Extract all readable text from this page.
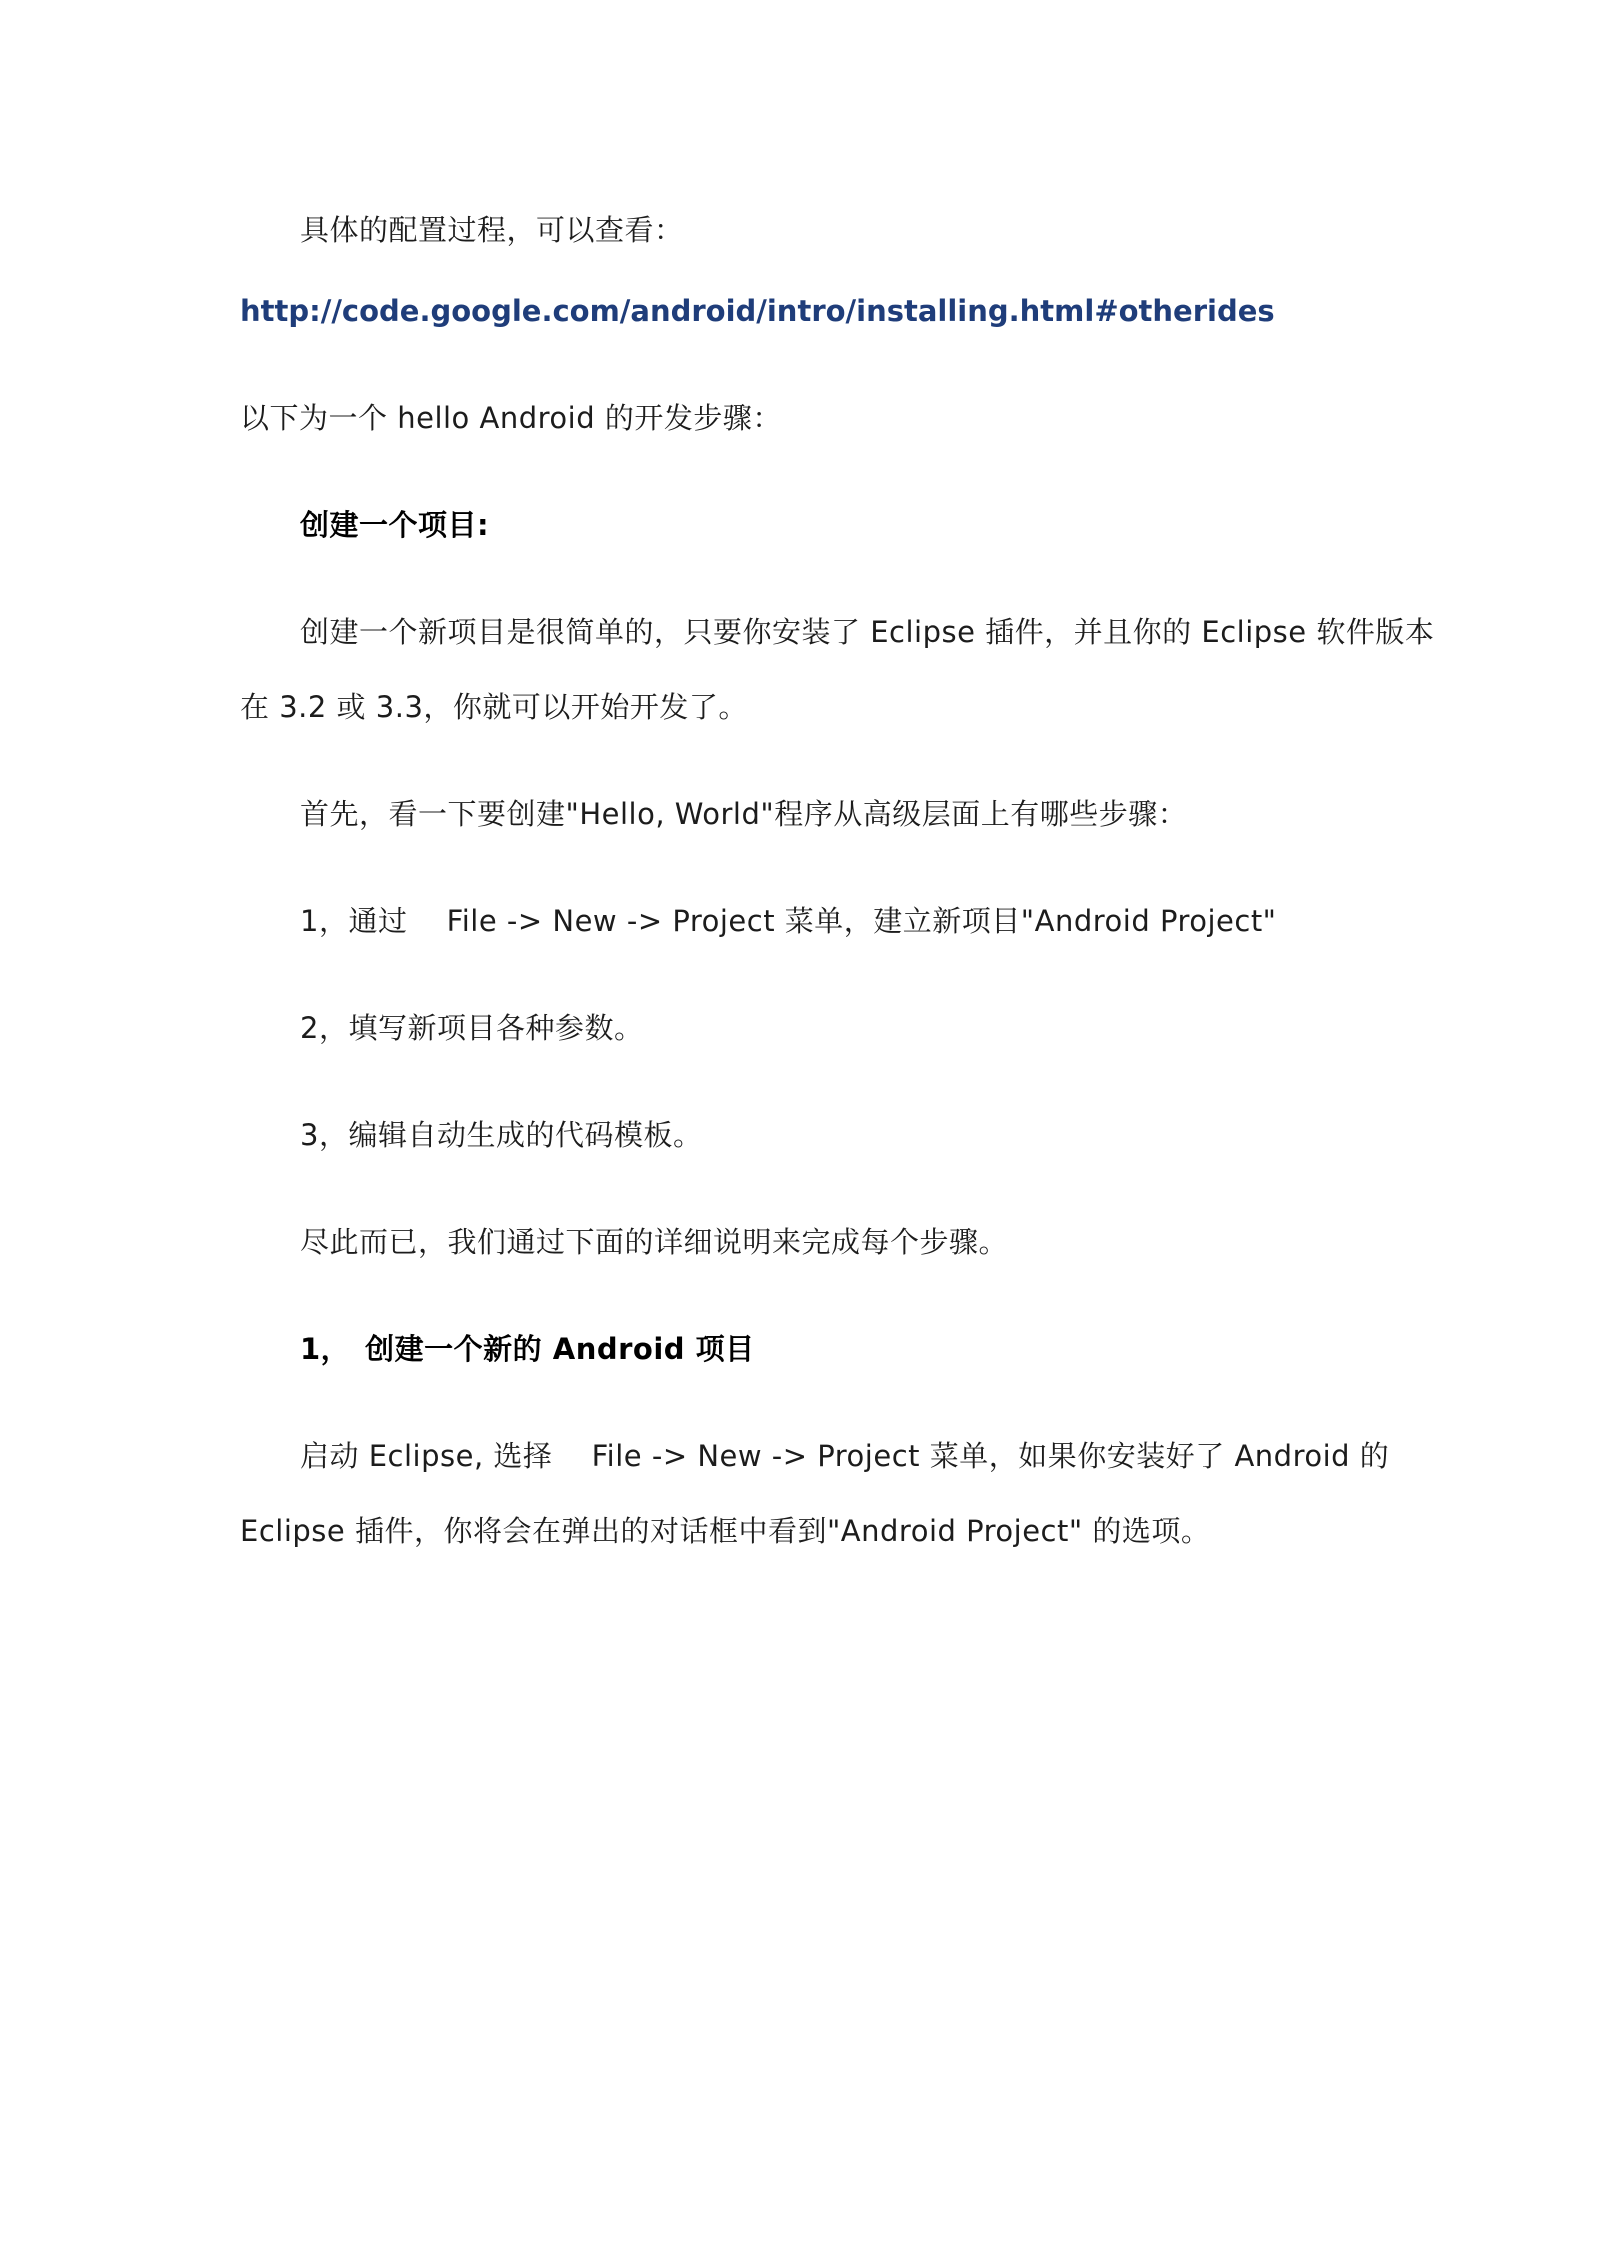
具体的配置过程，可以查看：
http://code.google.com/android/intro/installing.html#otherides
以下为一个 hello Android 的开发步骤：
创建一个项目:
创建一个新项目是很简单的，只要你安装了 Eclipse 插件，并且你的 Eclipse 软件版本
在 3.2 或 3.3，你就可以开始开发了。
首先，看一下要创建"Hello, World"程序从高级层面上有哪些步骤：
1，通过　 File -> New -> Project 菜单，建立新项目"Android Project"
2，填写新项目各种参数。
3，编辑自动生成的代码模板。
尽此而已，我们通过下面的详细说明来完成每个步骤。
1，　创建一个新的 Android 项目
启动 Eclipse, 选择　 File -> New -> Project 菜单，如果你安装好了 Android 的
Eclipse 插件，你将会在弹出的对话框中看到"Android Project" 的选项。
